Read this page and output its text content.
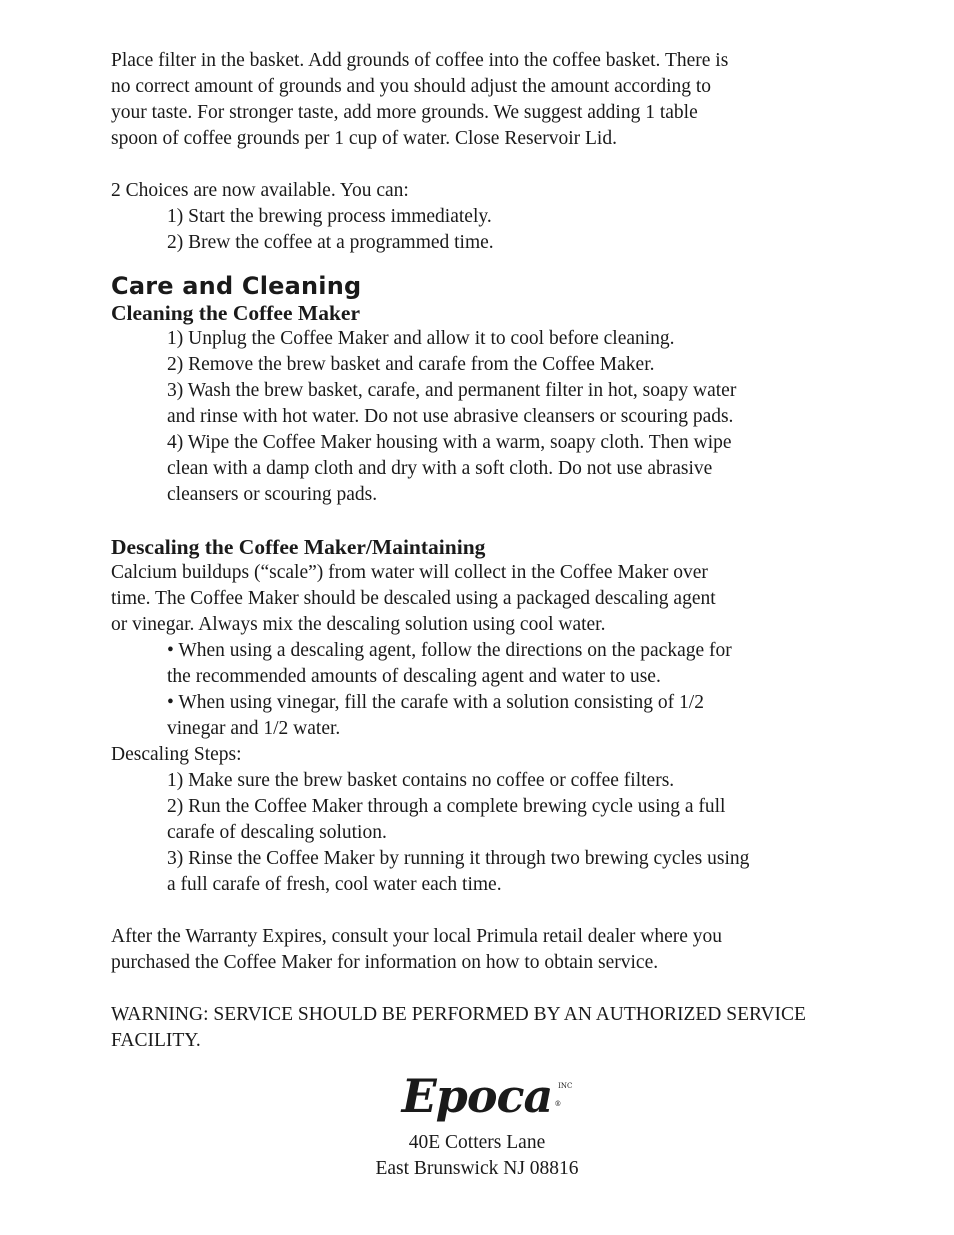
Place filter in the basket. Add grounds of coffee into the coffee basket. There is

no correct amount of grounds and you should adjust the amount according to

your taste. For stronger taste, add more grounds. We suggest adding 1 table

spoon of coffee grounds per 1 cup of water. Close Reservoir Lid.

2 Choices are now available. You can:

1) Start the brewing process immediately.

2) Brew the coffee at a programmed time.

Care and Cleaning
Cleaning the Coffee Maker

1) Unplug the Coffee Maker and allow it to cool before cleaning.

2) Remove the brew basket and carafe from the Coffee Maker.

3) Wash the brew basket, carafe, and permanent filter in hot, soapy water

and rinse with hot water. Do not use abrasive cleansers or scouring pads.

4) Wipe the Coffee Maker housing with a warm, soapy cloth. Then wipe

clean with a damp cloth and dry with a soft cloth. Do not use abrasive

cleansers or scouring pads.

Descaling the Coffee Maker/Maintaining

Calcium buildups (“scale”) from water will collect in the Coffee Maker over

time. The Coffee Maker should be descaled using a packaged descaling agent

or vinegar. Always mix the descaling solution using cool water.

• When using a descaling agent, follow the directions on the package for

the recommended amounts of descaling agent and water to use.

• When using vinegar, fill the carafe with a solution consisting of 1/2

vinegar and 1/2 water.

Descaling Steps:

1) Make sure the brew basket contains no coffee or coffee filters.

2) Run the Coffee Maker through a complete brewing cycle using a full

carafe of descaling solution.

3) Rinse the Coffee Maker by running it through two brewing cycles using

a full carafe of fresh, cool water each time.

After the Warranty Expires, consult your local Primula retail dealer where you

purchased the Coffee Maker for information on how to obtain service.

WARNING: SERVICE SHOULD BE PERFORMED BY AN AUTHORIZED SERVICE

FACILITY.

Epoca ®
INC
40E Cotters Lane
East Brunswick NJ 08816
